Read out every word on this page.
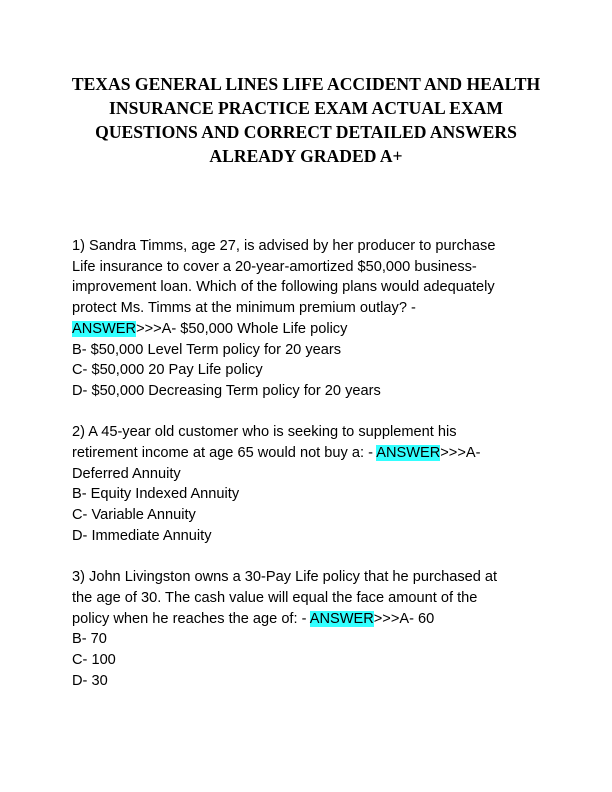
TEXAS GENERAL LINES LIFE ACCIDENT AND HEALTH
INSURANCE PRACTICE EXAM ACTUAL EXAM
QUESTIONS AND CORRECT DETAILED ANSWERS
ALREADY GRADED A+
1) Sandra Timms, age 27, is advised by her producer to purchase
Life insurance to cover a 20-year-amortized $50,000 business-
improvement loan. Which of the following plans would adequately
protect Ms. Timms at the minimum premium outlay? -
ANSWER>>>A- $50,000 Whole Life policy
B- $50,000 Level Term policy for 20 years
C- $50,000 20 Pay Life policy
D- $50,000 Decreasing Term policy for 20 years
2) A 45-year old customer who is seeking to supplement his
retirement income at age 65 would not buy a: - ANSWER>>>A-
Deferred Annuity
B- Equity Indexed Annuity
C- Variable Annuity
D- Immediate Annuity
3) John Livingston owns a 30-Pay Life policy that he purchased at
the age of 30. The cash value will equal the face amount of the
policy when he reaches the age of: - ANSWER>>>A- 60
B- 70
C- 100
D- 30
